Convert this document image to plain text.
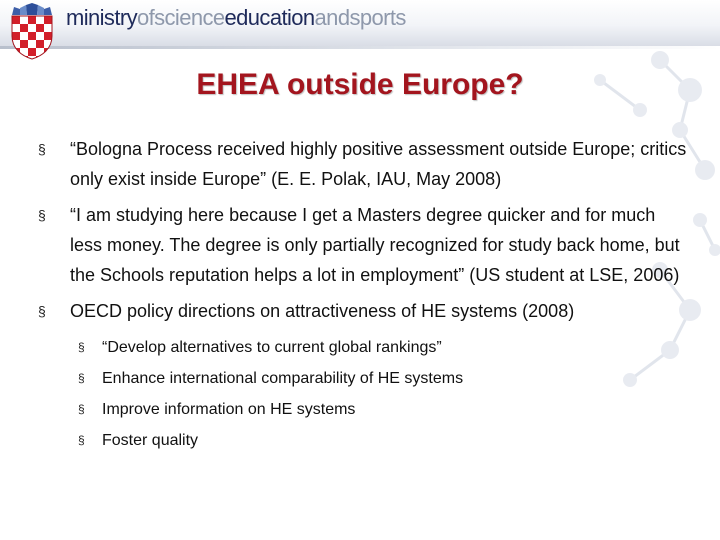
ministryofscienceeducationandsports
EHEA outside Europe?
§ “Bologna Process received highly positive assessment outside Europe; critics only exist inside Europe” (E. E. Polak, IAU, May 2008)
§ “I am studying here because I get a Masters degree quicker and for much less money. The degree is only partially recognized for study back home, but the Schools reputation helps a lot in employment” (US student at LSE, 2006)
§ OECD policy directions on attractiveness of HE systems (2008)
§ “Develop alternatives to current global rankings”
§ Enhance international comparability of HE systems
§ Improve information on HE systems
§ Foster quality
